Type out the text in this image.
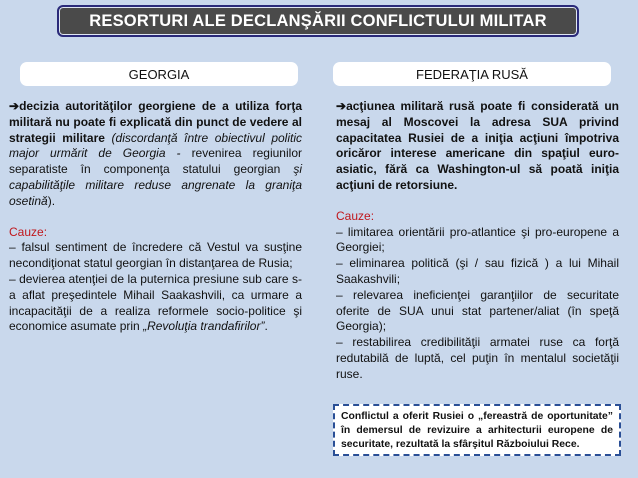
RESORTURI ALE DECLANŞĂRII CONFLICTULUI MILITAR
GEORGIA	FEDERAŢIA RUSĂ

➔decizia autorităţilor georgiene de a utiliza forţa militară nu poate fi explicată din punct de vedere al strategii militare (discordanţă între obiectivul politic major urmărit de Georgia - revenirea regiunilor separatiste în componenţa statului georgian şi capabilităţile militare reduse angrenate la graniţa osetină).

Cauze:

– falsul sentiment de încredere că Vestul va susţine necondiţionat statul georgian în distanţarea de Rusia;

– devierea atenţiei de la puternica presiune sub care s-a aflat preşedintele Mihail Saakashvili, ca urmare a incapacităţii de a realiza reformele socio-politice şi economice asumate prin „Revoluţia trandafirilor”.

➔acţiunea militară rusă poate fi considerată un mesaj al Moscovei la adresa SUA privind capacitatea Rusiei de a iniţia acţiuni împotriva oricăror interese americane din spaţiul euro-asiatic, fără ca Washington-ul să poată iniţia acţiuni de retorsiune.

Cauze:

– limitarea orientării pro-atlantice şi pro-europene a Georgiei;

– eliminarea politică (şi / sau fizică ) a lui Mihail Saakashvili;

– relevarea ineficienţei garanţiilor de securitate oferite de SUA unui stat partener/aliat (în speţă Georgia);

– restabilirea credibilităţii armatei ruse ca forţă redutabilă de luptă, cel puţin în mentalul societăţii ruse.

Conflictul a oferit Rusiei o „fereastră de oportunitate” în demersul de revizuire a arhitecturii europene de securitate, rezultată la sfârşitul Războiului Rece.
